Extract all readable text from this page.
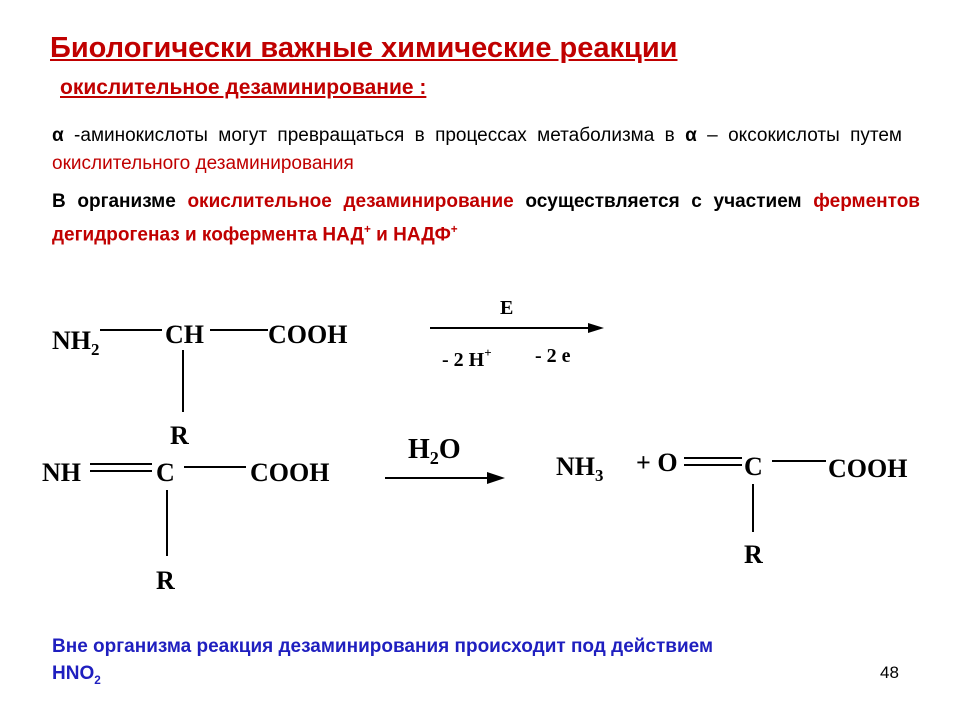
Биологически важные химические реакции
окислительное дезаминирование :
α -аминокислоты могут превращаться в процессах метаболизма в α – оксокислоты путем окислительного дезаминирования
В организме окислительное дезаминирование осуществляется с участием ферментов дегидрогеназ и кофермента НАД+ и НАДФ+
$NH_2$
CH COOH
R
E
- 2 H+ - 2 e
NH	C	COOH
R
$H_2O$
$NH_3 + O$	C	COOH
R
Вне организма реакция дезаминирования происходит под действием
$HNO_2$	48
